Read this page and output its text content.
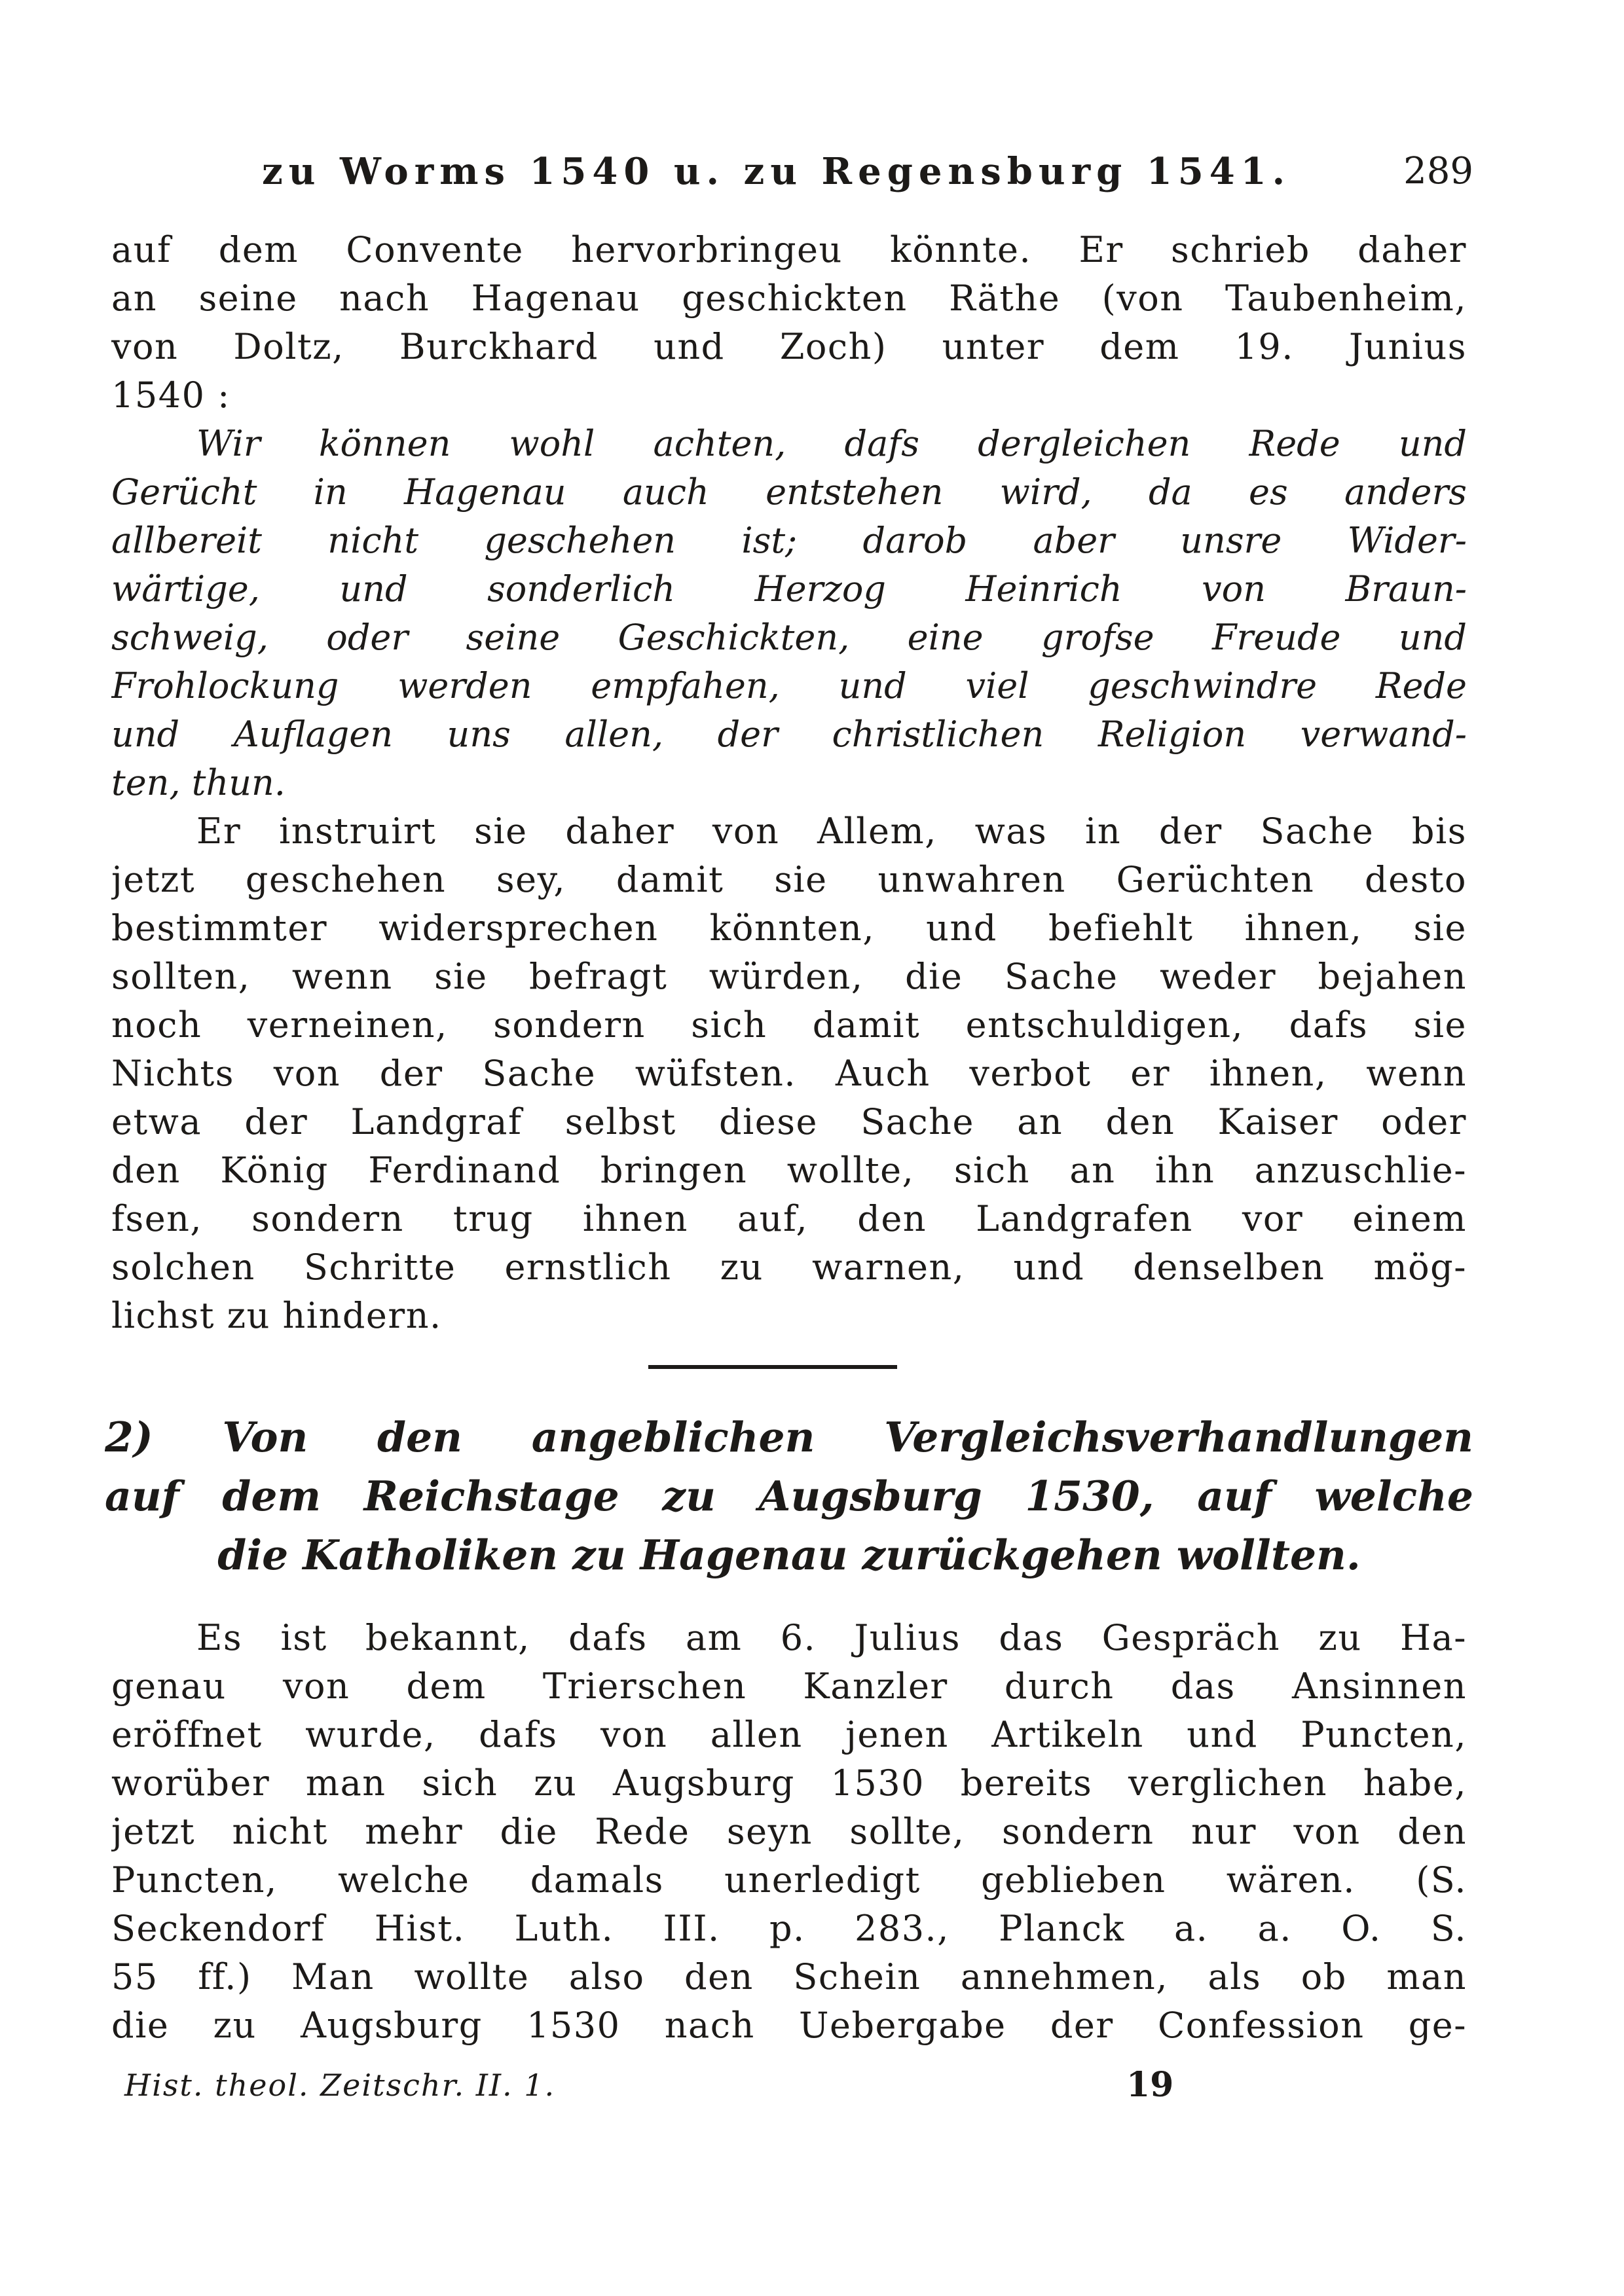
zu Worms 1540 u. zu Regensburg 1541.	289
auf dem Convente hervorbringeu könnte. Er schrieb daher
an seine nach Hagenau geschickten Räthe (von Taubenheim,
von Doltz, Burckhard und Zoch) unter dem 19. Junius
1540 :
Wir können wohl achten, dafs dergleichen Rede und
Gerücht in Hagenau auch entstehen wird, da es anders
allbereit nicht geschehen ist; darob aber unsre Wider-
wärtige, und sonderlich Herzog Heinrich von Braun-
schweig, oder seine Geschickten, eine grofse Freude und
Frohlockung werden empfahen, und viel geschwindre Rede
und Auflagen uns allen, der christlichen Religion verwand-
ten, thun.
Er instruirt sie daher von Allem, was in der Sache bis
jetzt geschehen sey, damit sie unwahren Gerüchten desto
bestimmter widersprechen könnten, und befiehlt ihnen, sie
sollten, wenn sie befragt würden, die Sache weder bejahen
noch verneinen, sondern sich damit entschuldigen, dafs sie
Nichts von der Sache wüfsten. Auch verbot er ihnen, wenn
etwa der Landgraf selbst diese Sache an den Kaiser oder
den König Ferdinand bringen wollte, sich an ihn anzuschlie-
fsen, sondern trug ihnen auf, den Landgrafen vor einem
solchen Schritte ernstlich zu warnen, und denselben mög-
lichst zu hindern.
2) Von den angeblichen Vergleichsverhandlungen
auf dem Reichstage zu Augsburg 1530, auf welche
die Katholiken zu Hagenau zurückgehen wollten.
Es ist bekannt, dafs am 6. Julius das Gespräch zu Ha-
genau von dem Trierschen Kanzler durch das Ansinnen
eröffnet wurde, dafs von allen jenen Artikeln und Puncten,
worüber man sich zu Augsburg 1530 bereits verglichen habe,
jetzt nicht mehr die Rede seyn sollte, sondern nur von den
Puncten, welche damals unerledigt geblieben wären. (S.
Seckendorf Hist. Luth. III. p. 283., Planck a. a. O. S.
55 ff.) Man wollte also den Schein annehmen, als ob man
die zu Augsburg 1530 nach Uebergabe der Confession ge-
Hist. theol. Zeitschr. II. 1.	19
